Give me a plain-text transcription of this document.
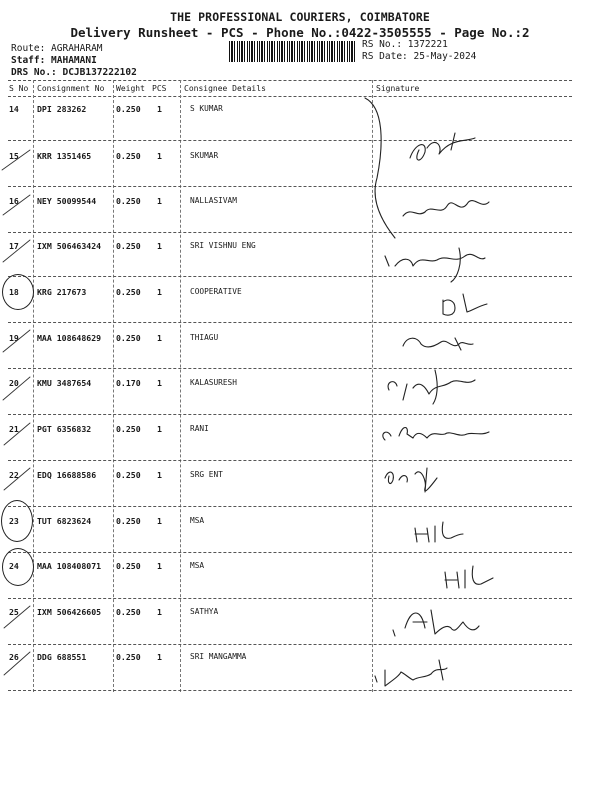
THE PROFESSIONAL COURIERS, COIMBATORE
Delivery Runsheet - PCS - Phone No.:0422-3505555 - Page No.:2
Route: AGRAHARAM
Staff: MAHAMANI
DRS No.: DCJB137222102
RS No.: 1372221
RS Date: 25-May-2024
S No Consignment No Weight PCS Consignee Details	Signature
14 DPI 283262	0.250 1	S KUMAR
15 KRR 1351465	0.250 1	SKUMAR
16 NEY 50099544 0.250 1	NALLASIVAM
17 IXM 506463424 0.250 1	SRI VISHNU ENG
18 KRG 217673	0.250 1	COOPERATIVE
19 MAA 108648629 0.250 1	THIAGU
20 KMU 3487654	0.170 1	KALASURESH
21 PGT 6356832	0.250 1	RANI
22 EDQ 16688586 0.250 1	SRG ENT
23 TUT 6823624	0.250 1	MSA
24 MAA 108408071 0.250 1	MSA
25 IXM 506426605 0.250 1	SATHYA
26 DDG 688551	0.250 1	SRI MANGAMMA
